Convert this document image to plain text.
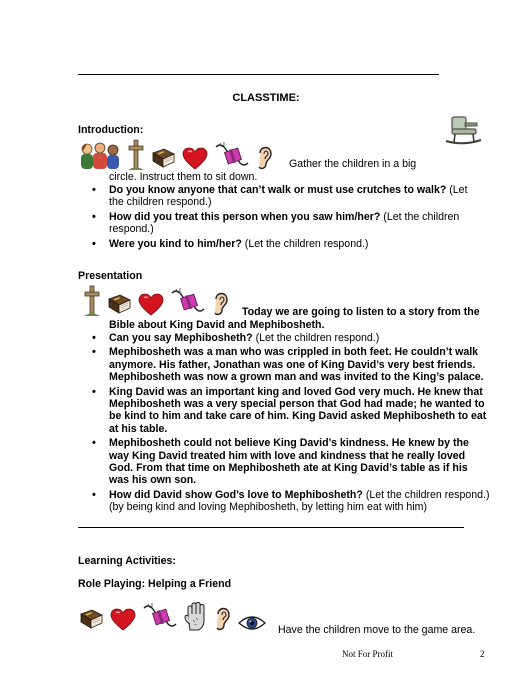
CLASSTIME:
Introduction:
Gather the children in a big
circle. Instruct them to sit down.
• Do you know anyone that can’t walk or must use crutches to walk? (Let the children respond.)
• How did you treat this person when you saw him/her? (Let the children respond.)
• Were you kind to him/her? (Let the children respond.)
Presentation
Today we are going to listen to a story from the
Bible about King David and Mephibosheth.
• Can you say Mephibosheth? (Let the children respond.)
• Mephibosheth was a man who was crippled in both feet. He couldn’t walk anymore. His father, Jonathan was one of King David’s very best friends. Mephibosheth was now a grown man and was invited to the King’s palace.
• King David was an important king and loved God very much. He knew that Mephibosheth was a very special person that God had made; he wanted to be kind to him and take care of him. King David asked Mephibosheth to eat at his table.
• Mephibosheth could not believe King David’s kindness. He knew by the way King David treated him with love and kindness that he really loved God. From that time on Mephibosheth ate at King David’s table as if his was his own son.
• How did David show God’s love to Mephibosheth? (Let the children respond.) (by being kind and loving Mephibosheth, by letting him eat with him)
Learning Activities:
Role Playing: Helping a Friend
Have the children move to the game area.
Not For Profit	2
